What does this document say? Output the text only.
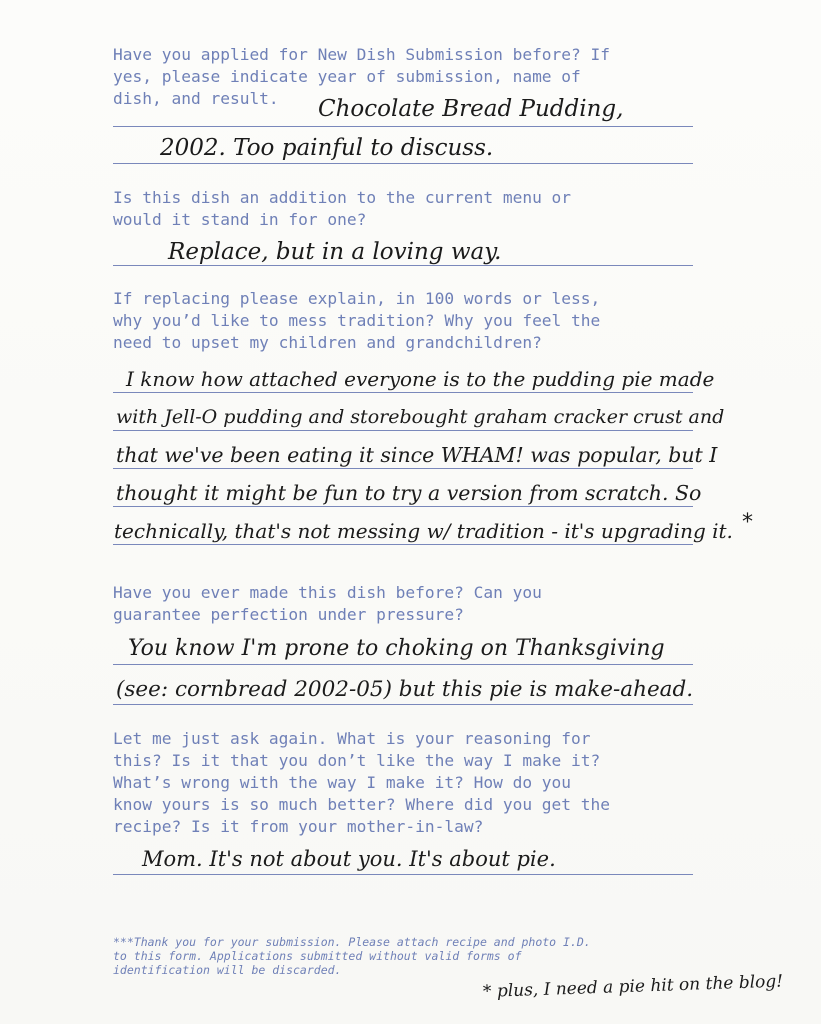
Have you applied for New Dish Submission before? If
yes, please indicate year of submission, name of
dish, and result.	Chocolate Bread Pudding,
2002. Too painful to discuss.

Is this dish an addition to the current menu or
would it stand in for one?

Replace, but in a loving way.

If replacing please explain, in 100 words or less,
why you’d like to mess tradition? Why you feel the
need to upset my children and grandchildren?

I know how attached everyone is to the pudding pie made
with Jell-O pudding and storebought graham cracker crust and
that we've been eating it since WHAM! was popular, but I
thought it might be fun to try a version from scratch. So
technically, that's not messing w/ tradition - it's upgrading it. *

Have you ever made this dish before? Can you
guarantee perfection under pressure?

You know I'm prone to choking on Thanksgiving
(see: cornbread 2002-05) but this pie is make-ahead.

Let me just ask again. What is your reasoning for
this? Is it that you don’t like the way I make it?
What’s wrong with the way I make it? How do you
know yours is so much better? Where did you get the
recipe? Is it from your mother-in-law?

Mom. It's not about you. It's about pie.

***Thank you for your submission. Please attach recipe and photo I.D.
to this form. Applications submitted without valid forms of
identification will be discarded.

* plus, I need a pie hit on the blog!
